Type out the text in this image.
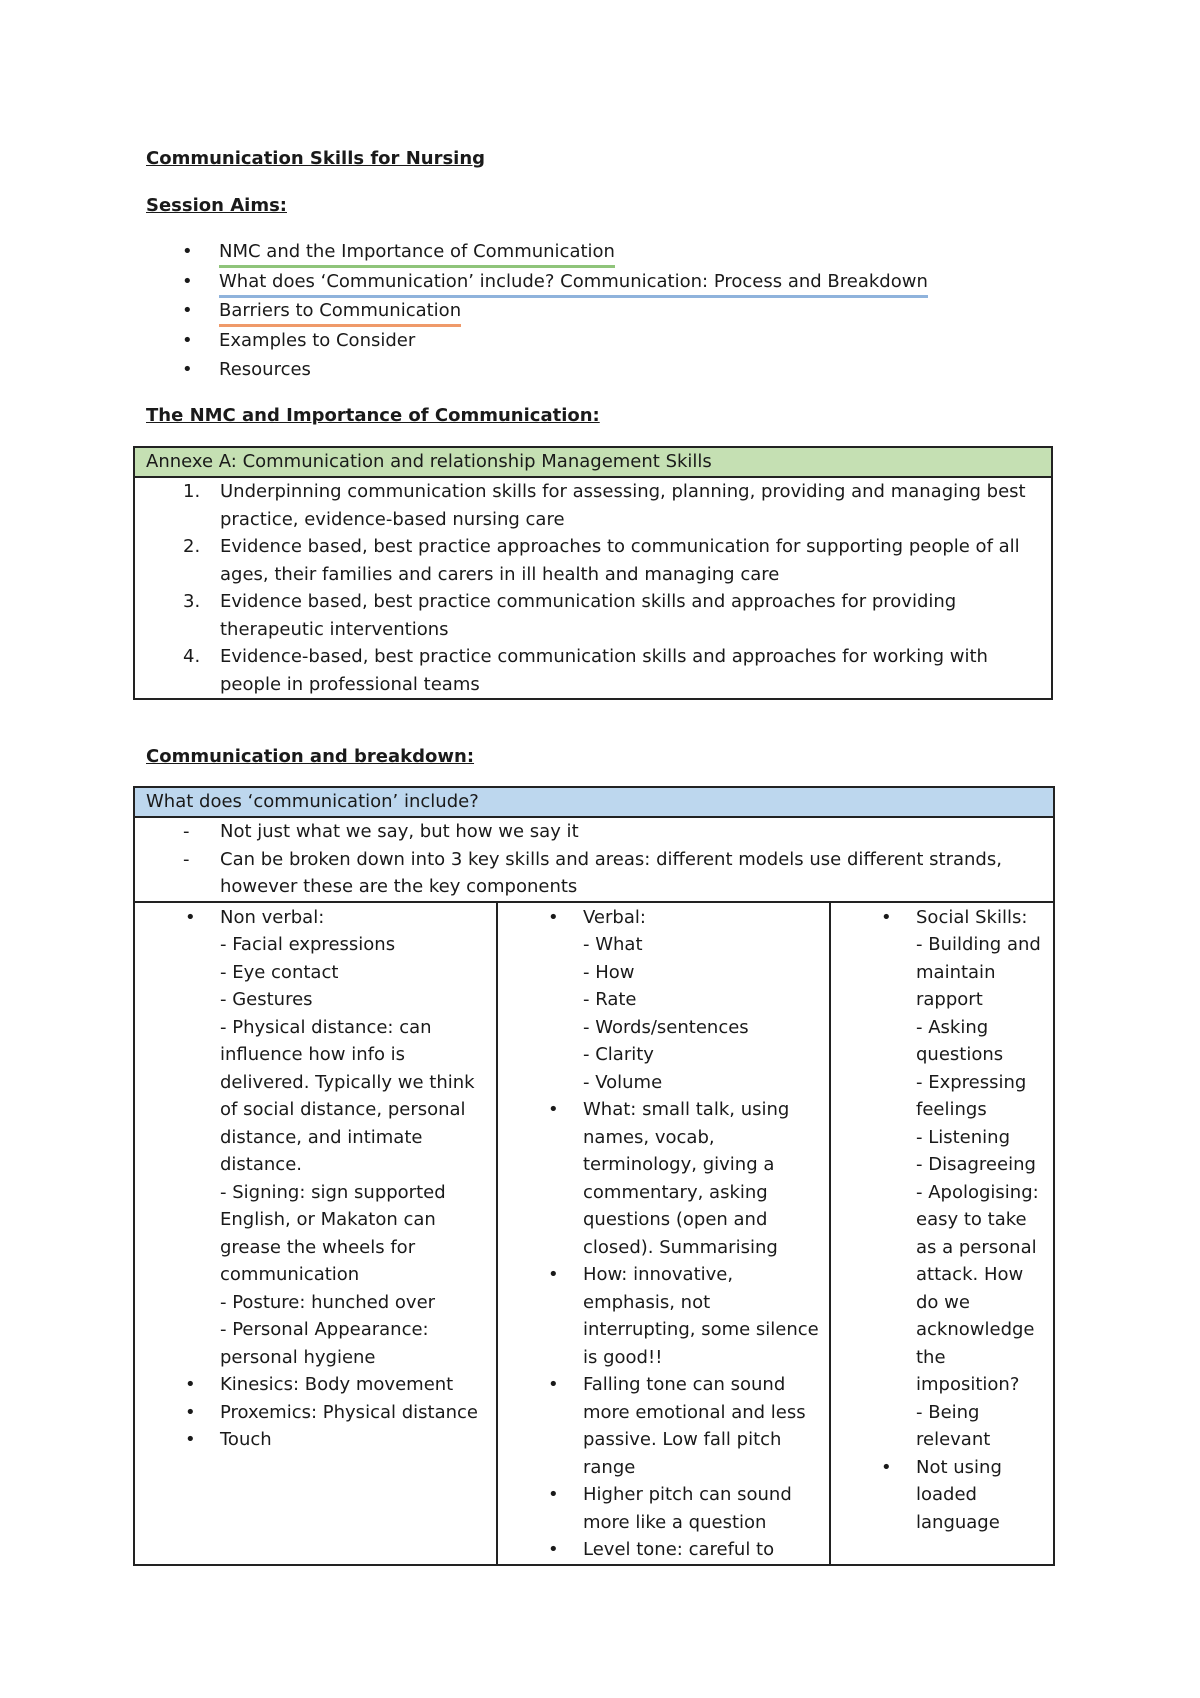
Communication Skills for Nursing
Session Aims:
• NMC and the Importance of Communication
• What does ‘Communication’ include? Communication: Process and Breakdown
• Barriers to Communication
• Examples to Consider
• Resources
The NMC and Importance of Communication:
Annexe A: Communication and relationship Management Skills

1. Underpinning communication skills for assessing, planning, providing and managing best practice, evidence-based nursing care
2. Evidence based, best practice approaches to communication for supporting people of all ages, their families and carers in ill health and managing care
3. Evidence based, best practice communication skills and approaches for providing therapeutic interventions
4. Evidence-based, best practice communication skills and approaches for working with people in professional teams
Communication and breakdown:
What does ‘communication’ include?

- Not just what we say, but how we say it
- Can be broken down into 3 key skills and areas: different models use different strands, however these are the key components

• Non verbal:
- Facial expressions
- Eye contact
- Gestures
- Physical distance: can influence how info is delivered. Typically we think of social distance, personal distance, and intimate distance.
- Signing: sign supported English, or Makaton can grease the wheels for communication
- Posture: hunched over
- Personal Appearance: personal hygiene
• Kinesics: Body movement
• Proxemics: Physical distance
• Touch

• Verbal:
- What
- How
- Rate
- Words/sentences
- Clarity
- Volume
• What: small talk, using names, vocab, terminology, giving a commentary, asking questions (open and closed). Summarising
• How: innovative, emphasis, not interrupting, some silence is good!!
• Falling tone can sound more emotional and less passive. Low fall pitch range
• Higher pitch can sound more like a question
• Level tone: careful to

• Social Skills:
- Building and maintain rapport
- Asking questions
- Expressing feelings
- Listening
- Disagreeing
- Apologising: easy to take as a personal attack. How do we acknowledge the imposition?
- Being relevant
• Not using loaded language
